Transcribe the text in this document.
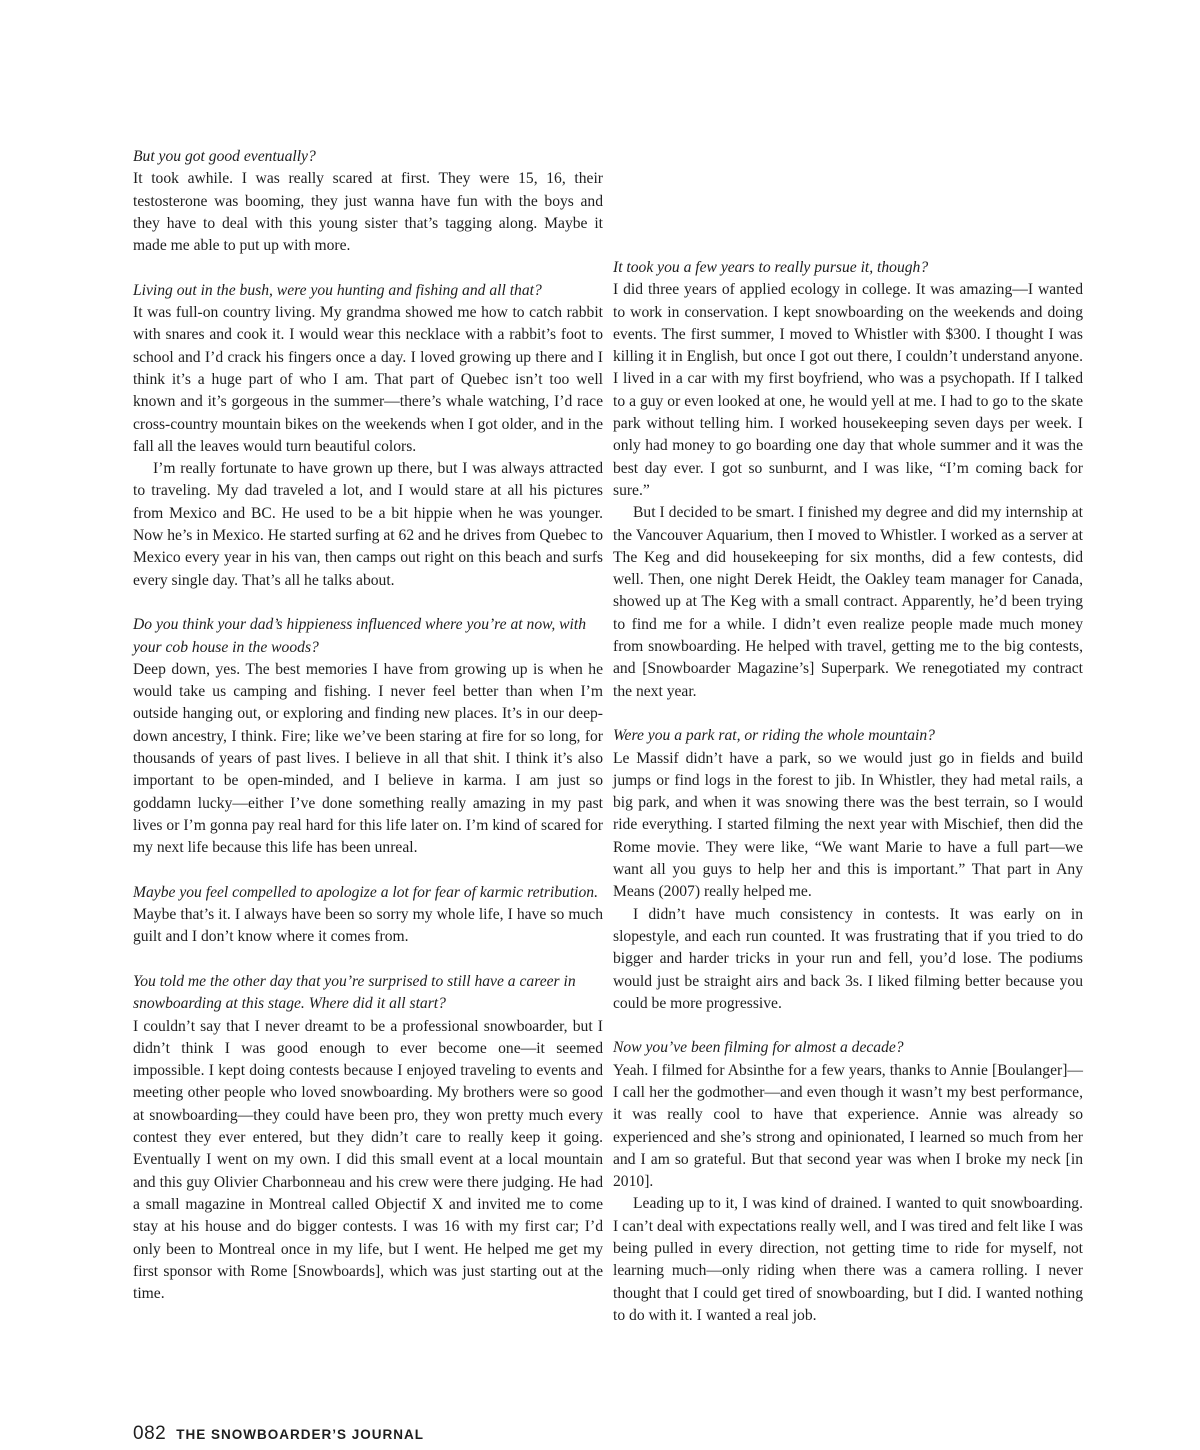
But you got good eventually?

It took awhile. I was really scared at first. They were 15, 16, their testosterone was booming, they just wanna have fun with the boys and they have to deal with this young sister that’s tagging along. Maybe it made me able to put up with more.

Living out in the bush, were you hunting and fishing and all that?

It was full-on country living. My grandma showed me how to catch rabbit with snares and cook it. I would wear this necklace with a rabbit’s foot to school and I’d crack his fingers once a day. I loved growing up there and I think it’s a huge part of who I am. That part of Quebec isn’t too well known and it’s gorgeous in the summer—there’s whale watching, I’d race cross-country mountain bikes on the weekends when I got older, and in the fall all the leaves would turn beautiful colors.

I’m really fortunate to have grown up there, but I was always attracted to traveling. My dad traveled a lot, and I would stare at all his pictures from Mexico and BC. He used to be a bit hippie when he was younger. Now he’s in Mexico. He started surfing at 62 and he drives from Quebec to Mexico every year in his van, then camps out right on this beach and surfs every single day. That’s all he talks about.

Do you think your dad’s hippieness influenced where you’re at now, with your cob house in the woods?

Deep down, yes. The best memories I have from growing up is when he would take us camping and fishing. I never feel better than when I’m outside hanging out, or exploring and finding new places. It’s in our deep-down ancestry, I think. Fire; like we’ve been staring at fire for so long, for thousands of years of past lives. I believe in all that shit. I think it’s also important to be open-minded, and I believe in karma. I am just so goddamn lucky—either I’ve done something really amazing in my past lives or I’m gonna pay real hard for this life later on. I’m kind of scared for my next life because this life has been unreal.

Maybe you feel compelled to apologize a lot for fear of karmic retribution.

Maybe that’s it. I always have been so sorry my whole life, I have so much guilt and I don’t know where it comes from.

You told me the other day that you’re surprised to still have a career in snowboarding at this stage. Where did it all start?

I couldn’t say that I never dreamt to be a professional snowboarder, but I didn’t think I was good enough to ever become one—it seemed impossible. I kept doing contests because I enjoyed traveling to events and meeting other people who loved snowboarding. My brothers were so good at snowboarding—they could have been pro, they won pretty much every contest they ever entered, but they didn’t care to really keep it going. Eventually I went on my own. I did this small event at a local mountain and this guy Olivier Charbonneau and his crew were there judging. He had a small magazine in Montreal called Objectif X and invited me to come stay at his house and do bigger contests. I was 16 with my first car; I’d only been to Montreal once in my life, but I went. He helped me get my first sponsor with Rome [Snowboards], which was just starting out at the time.

It took you a few years to really pursue it, though?

I did three years of applied ecology in college. It was amazing—I wanted to work in conservation. I kept snowboarding on the weekends and doing events. The first summer, I moved to Whistler with $300. I thought I was killing it in English, but once I got out there, I couldn’t understand anyone. I lived in a car with my first boyfriend, who was a psychopath. If I talked to a guy or even looked at one, he would yell at me. I had to go to the skate park without telling him. I worked housekeeping seven days per week. I only had money to go boarding one day that whole summer and it was the best day ever. I got so sunburnt, and I was like, “I’m coming back for sure.”

But I decided to be smart. I finished my degree and did my internship at the Vancouver Aquarium, then I moved to Whistler. I worked as a server at The Keg and did housekeeping for six months, did a few contests, did well. Then, one night Derek Heidt, the Oakley team manager for Canada, showed up at The Keg with a small contract. Apparently, he’d been trying to find me for a while. I didn’t even realize people made much money from snowboarding. He helped with travel, getting me to the big contests, and [Snowboarder Magazine’s] Superpark. We renegotiated my contract the next year.

Were you a park rat, or riding the whole mountain?

Le Massif didn’t have a park, so we would just go in fields and build jumps or find logs in the forest to jib. In Whistler, they had metal rails, a big park, and when it was snowing there was the best terrain, so I would ride everything. I started filming the next year with Mischief, then did the Rome movie. They were like, “We want Marie to have a full part—we want all you guys to help her and this is important.” That part in Any Means (2007) really helped me.

I didn’t have much consistency in contests. It was early on in slopestyle, and each run counted. It was frustrating that if you tried to do bigger and harder tricks in your run and fell, you’d lose. The podiums would just be straight airs and back 3s. I liked filming better because you could be more progressive.

Now you’ve been filming for almost a decade?

Yeah. I filmed for Absinthe for a few years, thanks to Annie [Boulanger]—I call her the godmother—and even though it wasn’t my best performance, it was really cool to have that experience. Annie was already so experienced and she’s strong and opinionated, I learned so much from her and I am so grateful. But that second year was when I broke my neck [in 2010].

Leading up to it, I was kind of drained. I wanted to quit snowboarding. I can’t deal with expectations really well, and I was tired and felt like I was being pulled in every direction, not getting time to ride for myself, not learning much—only riding when there was a camera rolling. I never thought that I could get tired of snowboarding, but I did. I wanted nothing to do with it. I wanted a real job.

082 THE SNOWBOARDER’S JOURNAL
